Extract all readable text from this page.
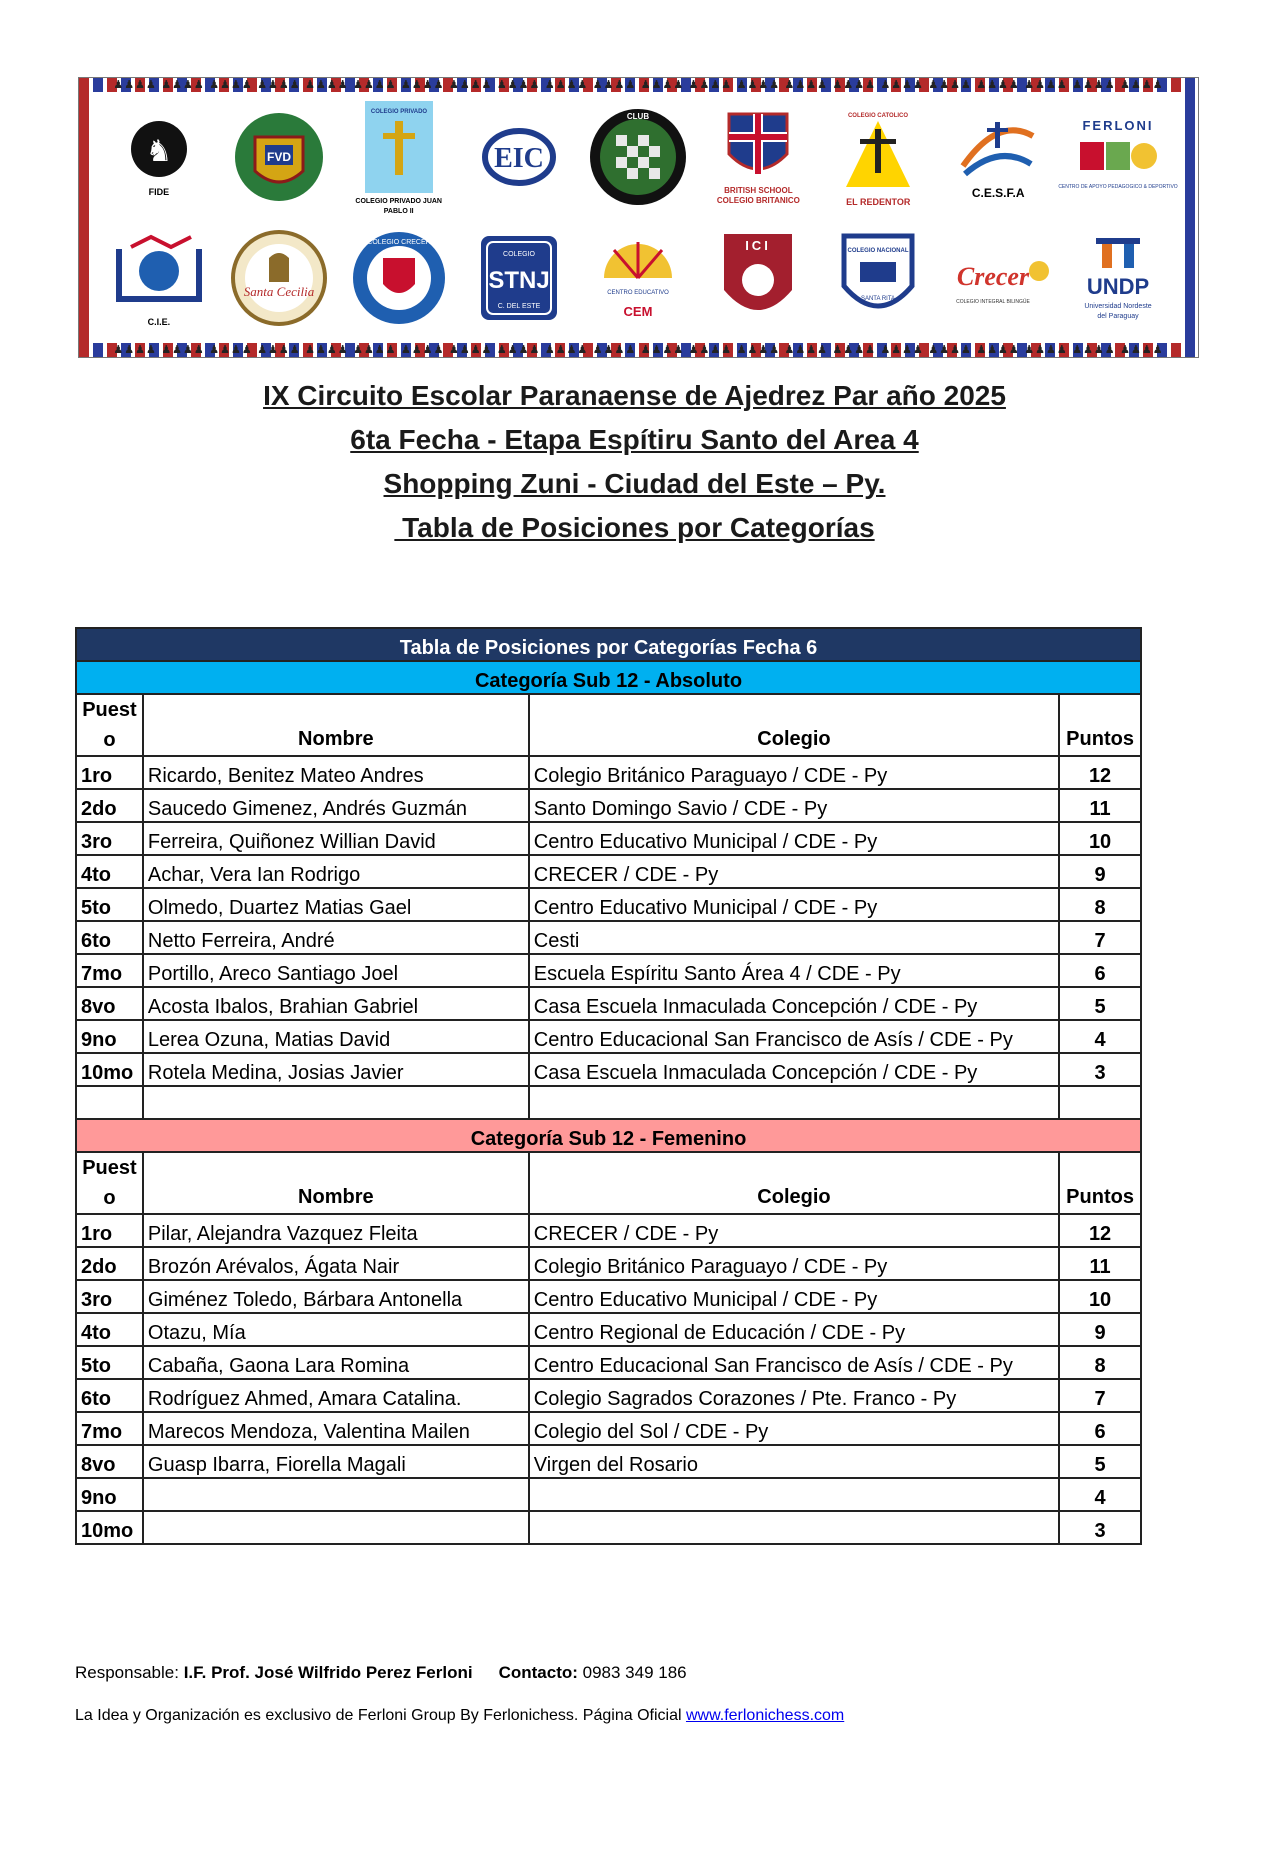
♟♟♟♟ ♟♟♟♟ ♟♟♟♟ ♟♟♟♟ ♟♟♟♟ ♟♟♟♟ ♟♟♟♟ ♟♟♟♟ ♟♟♟♟ ♟♟♟♟ ♟♟♟♟ ♟♟♟♟ ♟♟♟♟ ♟♟♟♟ ♟♟♟♟ ♟♟♟♟ ♟♟♟♟ ♟♟♟♟ ♟♟♟♟ ♟♟♟♟ ♟♟♟♟ ♟♟♟♟
♟♟♟♟ ♟♟♟♟ ♟♟♟♟ ♟♟♟♟ ♟♟♟♟ ♟♟♟♟ ♟♟♟♟ ♟♟♟♟ ♟♟♟♟ ♟♟♟♟ ♟♟♟♟ ♟♟♟♟ ♟♟♟♟ ♟♟♟♟ ♟♟♟♟ ♟♟♟♟ ♟♟♟♟ ♟♟♟♟ ♟♟♟♟ ♟♟♟♟ ♟♟♟♟ ♟♟♟♟
♞
FIDE
FVD
COLEGIO PRIVADO
COLEGIO PRIVADO JUAN PABLO II
EIC
CLUB
BRITISH SCHOOL COLEGIO BRITANICO
COLEGIO CATOLICO
EL REDENTOR
C.E.S.F.A
FERLONI
CENTRO DE APOYO PEDAGOGICO & DEPORTIVO
C.I.E.
Santa Cecilia
COLEGIO CRECER
STNJ
COLEGIO
C. DEL ESTE
CENTRO EDUCATIVO
CEM
ICI	COLEGIO NACIONAL
SANTA RITA
Crecer
COLEGIO INTEGRAL BILINGÜE
UNDP
Universidad Nordeste
del Paraguay
IX Circuito Escolar Paranaense de Ajedrez Par año 2025
6ta Fecha - Etapa Espítiru Santo del Area 4
Shopping Zuni - Ciudad del Este – Py.
Tabla de Posiciones por Categorías
Tabla de Posiciones por Categorías Fecha 6			
Categoría Sub 12 - Absoluto			
Puest
o	Nombre	Colegio	Puntos
1ro	Ricardo, Benitez Mateo Andres	Colegio Británico Paraguayo / CDE - Py	12
2do	Saucedo Gimenez, Andrés Guzmán	Santo Domingo Savio / CDE - Py	11
3ro	Ferreira, Quiñonez Willian David	Centro Educativo Municipal / CDE - Py	10
4to	Achar, Vera Ian Rodrigo	CRECER / CDE - Py	9
5to	Olmedo, Duartez Matias Gael	Centro Educativo Municipal / CDE - Py	8
6to	Netto Ferreira, André	Cesti	7
7mo	Portillo, Areco Santiago Joel	Escuela Espíritu Santo Área 4 / CDE - Py	6
8vo	Acosta Ibalos, Brahian Gabriel	Casa Escuela Inmaculada Concepción / CDE - Py	5
9no	Lerea Ozuna, Matias David	Centro Educacional San Francisco de Asís / CDE - Py	4
10mo	Rotela Medina, Josias Javier	Casa Escuela Inmaculada Concepción / CDE - Py	3

Categoría Sub 12 - Femenino			
Puest
o	Nombre	Colegio	Puntos
1ro	Pilar, Alejandra Vazquez Fleita	CRECER / CDE - Py	12
2do	Brozón Arévalos, Ágata Nair	Colegio Británico Paraguayo / CDE - Py	11
3ro	Giménez Toledo, Bárbara Antonella	Centro Educativo Municipal / CDE - Py	10
4to	Otazu, Mía	Centro Regional de Educación / CDE - Py	9
5to	Cabaña, Gaona Lara Romina	Centro Educacional San Francisco de Asís / CDE - Py	8
6to	Rodríguez Ahmed, Amara Catalina.	Colegio Sagrados Corazones / Pte. Franco - Py	7
7mo	Marecos Mendoza, Valentina Mailen	Colegio del Sol / CDE - Py	6
8vo	Guasp Ibarra, Fiorella Magali	Virgen del Rosario	5
9no			4
10mo			3
Responsable: I.F. Prof. José Wilfrido Perez Ferloni Contacto: 0983 349 186
La Idea y Organización es exclusivo de Ferloni Group By Ferlonichess. Página Oficial www.ferlonichess.com
